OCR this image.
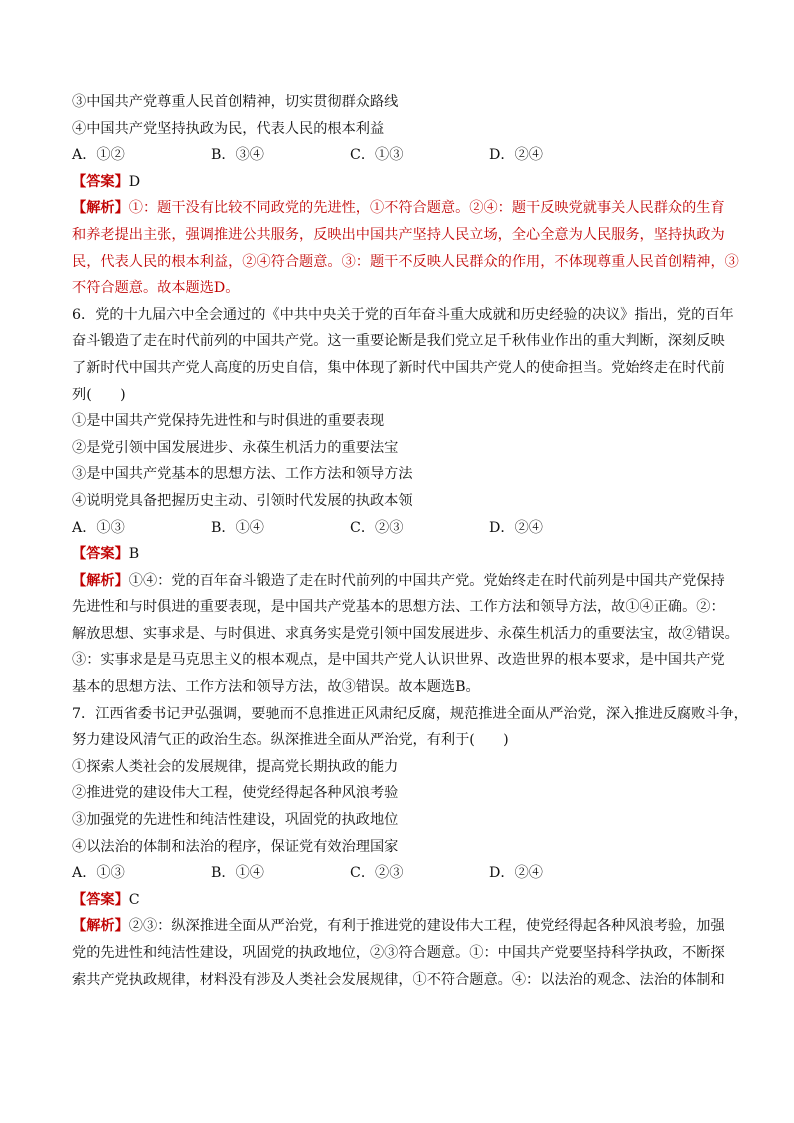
③中国共产党尊重人民首创精神，切实贯彻群众路线

④中国共产党坚持执政为民，代表人民的根本利益

A．①②	B．③④	C．①③	D．②④

【答案】D

【解析】①：题干没有比较不同政党的先进性，①不符合题意。②④：题干反映党就事关人民群众的生育

和养老提出主张，强调推进公共服务，反映出中国共产坚持人民立场，全心全意为人民服务，坚持执政为

民，代表人民的根本利益，②④符合题意。③：题干不反映人民群众的作用，不体现尊重人民首创精神，③

不符合题意。故本题选D。

6．党的十九届六中全会通过的《中共中央关于党的百年奋斗重大成就和历史经验的决议》指出，党的百年

奋斗锻造了走在时代前列的中国共产党。这一重要论断是我们党立足千秋伟业作出的重大判断，深刻反映

了新时代中国共产党人高度的历史自信，集中体现了新时代中国共产党人的使命担当。党始终走在时代前

列(　　)

①是中国共产党保持先进性和与时俱进的重要表现

②是党引领中国发展进步、永葆生机活力的重要法宝

③是中国共产党基本的思想方法、工作方法和领导方法

④说明党具备把握历史主动、引领时代发展的执政本领

A．①③	B．①④	C．②③	D．②④

【答案】B

【解析】①④：党的百年奋斗锻造了走在时代前列的中国共产党。党始终走在时代前列是中国共产党保持

先进性和与时俱进的重要表现，是中国共产党基本的思想方法、工作方法和领导方法，故①④正确。②：

解放思想、实事求是、与时俱进、求真务实是党引领中国发展进步、永葆生机活力的重要法宝，故②错误。

③：实事求是是马克思主义的根本观点，是中国共产党人认识世界、改造世界的根本要求，是中国共产党

基本的思想方法、工作方法和领导方法，故③错误。故本题选B。

7．江西省委书记尹弘强调，要驰而不息推进正风肃纪反腐，规范推进全面从严治党，深入推进反腐败斗争，

努力建设风清气正的政治生态。纵深推进全面从严治党，有利于(　　)

①探索人类社会的发展规律，提高党长期执政的能力

②推进党的建设伟大工程，使党经得起各种风浪考验

③加强党的先进性和纯洁性建设，巩固党的执政地位

④以法治的体制和法治的程序，保证党有效治理国家

A．①③	B．①④	C．②③	D．②④

【答案】C

【解析】②③：纵深推进全面从严治党，有利于推进党的建设伟大工程，使党经得起各种风浪考验，加强

党的先进性和纯洁性建设，巩固党的执政地位，②③符合题意。①：中国共产党要坚持科学执政，不断探

索共产党执政规律，材料没有涉及人类社会发展规律，①不符合题意。④：以法治的观念、法治的体制和
